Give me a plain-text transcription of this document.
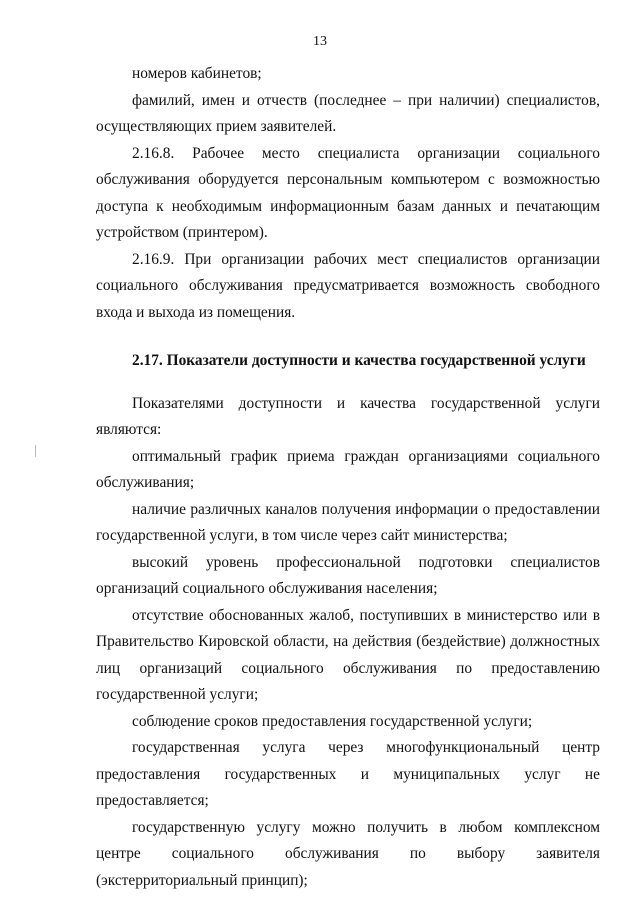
13

номеров кабинетов;

фамилий, имен и отчеств (последнее – при наличии) специалистов, осуществляющих прием заявителей.

2.16.8. Рабочее место специалиста организации социального обслуживания оборудуется персональным компьютером с возможностью доступа к необходимым информационным базам данных и печатающим устройством (принтером).

2.16.9. При организации рабочих мест специалистов организации социального обслуживания предусматривается возможность свободного входа и выхода из помещения.

2.17. Показатели доступности и качества государственной услуги

Показателями доступности и качества государственной услуги являются:

оптимальный график приема граждан организациями социального обслуживания;

наличие различных каналов получения информации о предоставлении государственной услуги, в том числе через сайт министерства;

высокий уровень профессиональной подготовки специалистов организаций социального обслуживания населения;

отсутствие обоснованных жалоб, поступивших в министерство или в Правительство Кировской области, на действия (бездействие) должностных лиц организаций социального обслуживания по предоставлению государственной услуги;

соблюдение сроков предоставления государственной услуги;

государственная услуга через многофункциональный центр предоставления государственных и муниципальных услуг не предоставляется;

государственную услугу можно получить в любом комплексном центре социального обслуживания по выбору заявителя (экстерриториальный принцип);
